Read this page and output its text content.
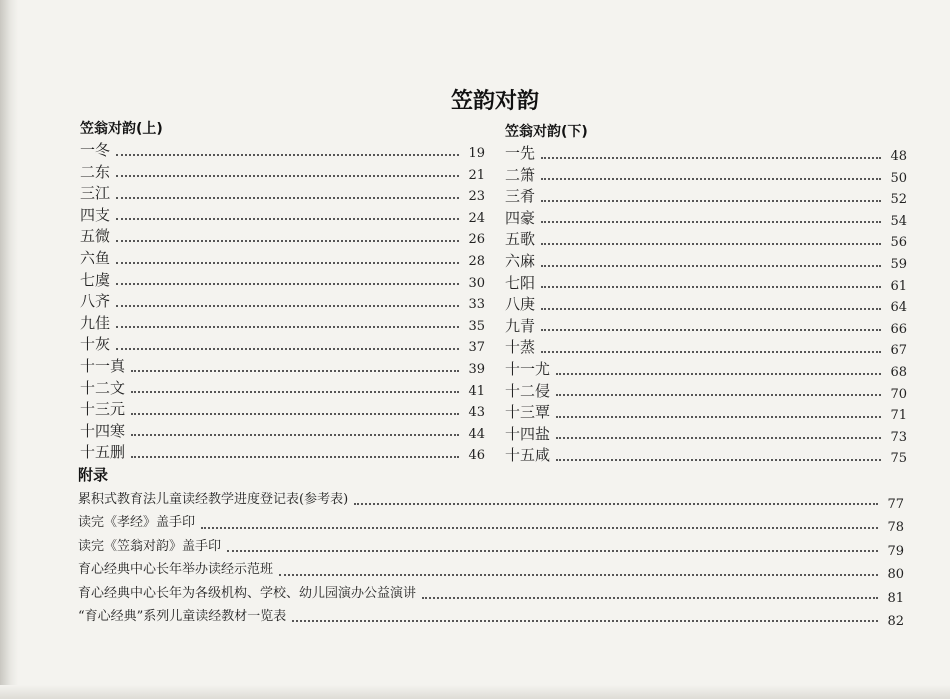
笠韵对韵
笠翁对韵(上)
一冬	19
二东	21
三江	23
四支	24
五微	26
六鱼	28
七虞	30
八齐	33
九佳	35
十灰	37
十一真	39
十二文	41
十三元	43
十四寒	44
十五删	46
笠翁对韵(下)
一先	48
二箫	50
三肴	52
四豪	54
五歌	56
六麻	59
七阳	61
八庚	64
九青	66
十蒸	67
十一尤	68
十二侵	70
十三覃	71
十四盐	73
十五咸	75
附录
累积式教育法儿童读经教学进度登记表(参考表)	77
读完《孝经》盖手印	78
读完《笠翁对韵》盖手印	79
育心经典中心长年举办读经示范班	80
育心经典中心长年为各级机构、学校、幼儿园演办公益演讲	81
“育心经典”系列儿童读经教材一览表	82
